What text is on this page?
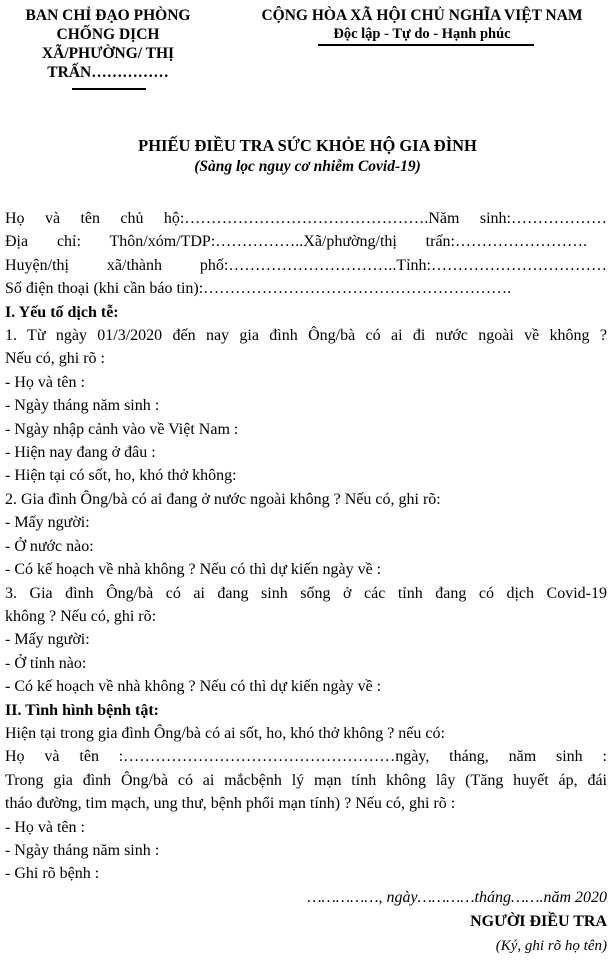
BAN CHỈ ĐẠO PHÒNG
CHỐNG DỊCH
XÃ/PHƯỜNG/ THỊ
TRẤN……………
CỘNG HÒA XÃ HỘI CHỦ NGHĨA VIỆT NAM
Độc lập - Tự do - Hạnh phúc
PHIẾU ĐIỀU TRA SỨC KHỎE HỘ GIA ĐÌNH
(Sàng lọc nguy cơ nhiễm Covid-19)
Họ và tên chủ hộ:……………………………………….Năm sinh:………………
Địa chỉ: Thôn/xóm/TDP:……………..Xã/phường/thị trấn:…………………….
Huyện/thị xã/thành phố:…………………………..Tỉnh:……………………………
Số điện thoại (khi cần báo tin):………………………………………………….
I. Yếu tố dịch tễ:
1. Từ ngày 01/3/2020 đến nay gia đình Ông/bà có ai đi nước ngoài về không ?
Nếu có, ghi rõ :
- Họ và tên :
- Ngày tháng năm sinh :
- Ngày nhập cảnh vào về Việt Nam :
- Hiện nay đang ở đâu :
- Hiện tại có sốt, ho, khó thở không:
2. Gia đình Ông/bà có ai đang ở nước ngoài không ? Nếu có, ghi rõ:
- Mấy người:
- Ở nước nào:
- Có kế hoạch về nhà không ? Nếu có thì dự kiến ngày về :
3. Gia đình Ông/bà có ai đang sinh sống ở các tỉnh đang có dịch Covid-19
không ? Nếu có, ghi rõ:
- Mấy người:
- Ở tỉnh nào:
- Có kế hoạch về nhà không ? Nếu có thì dự kiến ngày về :
II. Tình hình bệnh tật:
Hiện tại trong gia đình Ông/bà có ai sốt, ho, khó thở không ? nếu có:
Họ và tên :……………………………………………ngày, tháng, năm sinh :
Trong gia đình Ông/bà có ai mắcbệnh lý mạn tính không lây (Tăng huyết áp, đái
tháo đường, tim mạch, ung thư, bệnh phổi mạn tính) ? Nếu có, ghi rõ :
- Họ và tên :
- Ngày tháng năm sinh :
- Ghi rõ bệnh :
……………, ngày…………tháng…….năm 2020
NGƯỜI ĐIỀU TRA
(Ký, ghi rõ họ tên)
